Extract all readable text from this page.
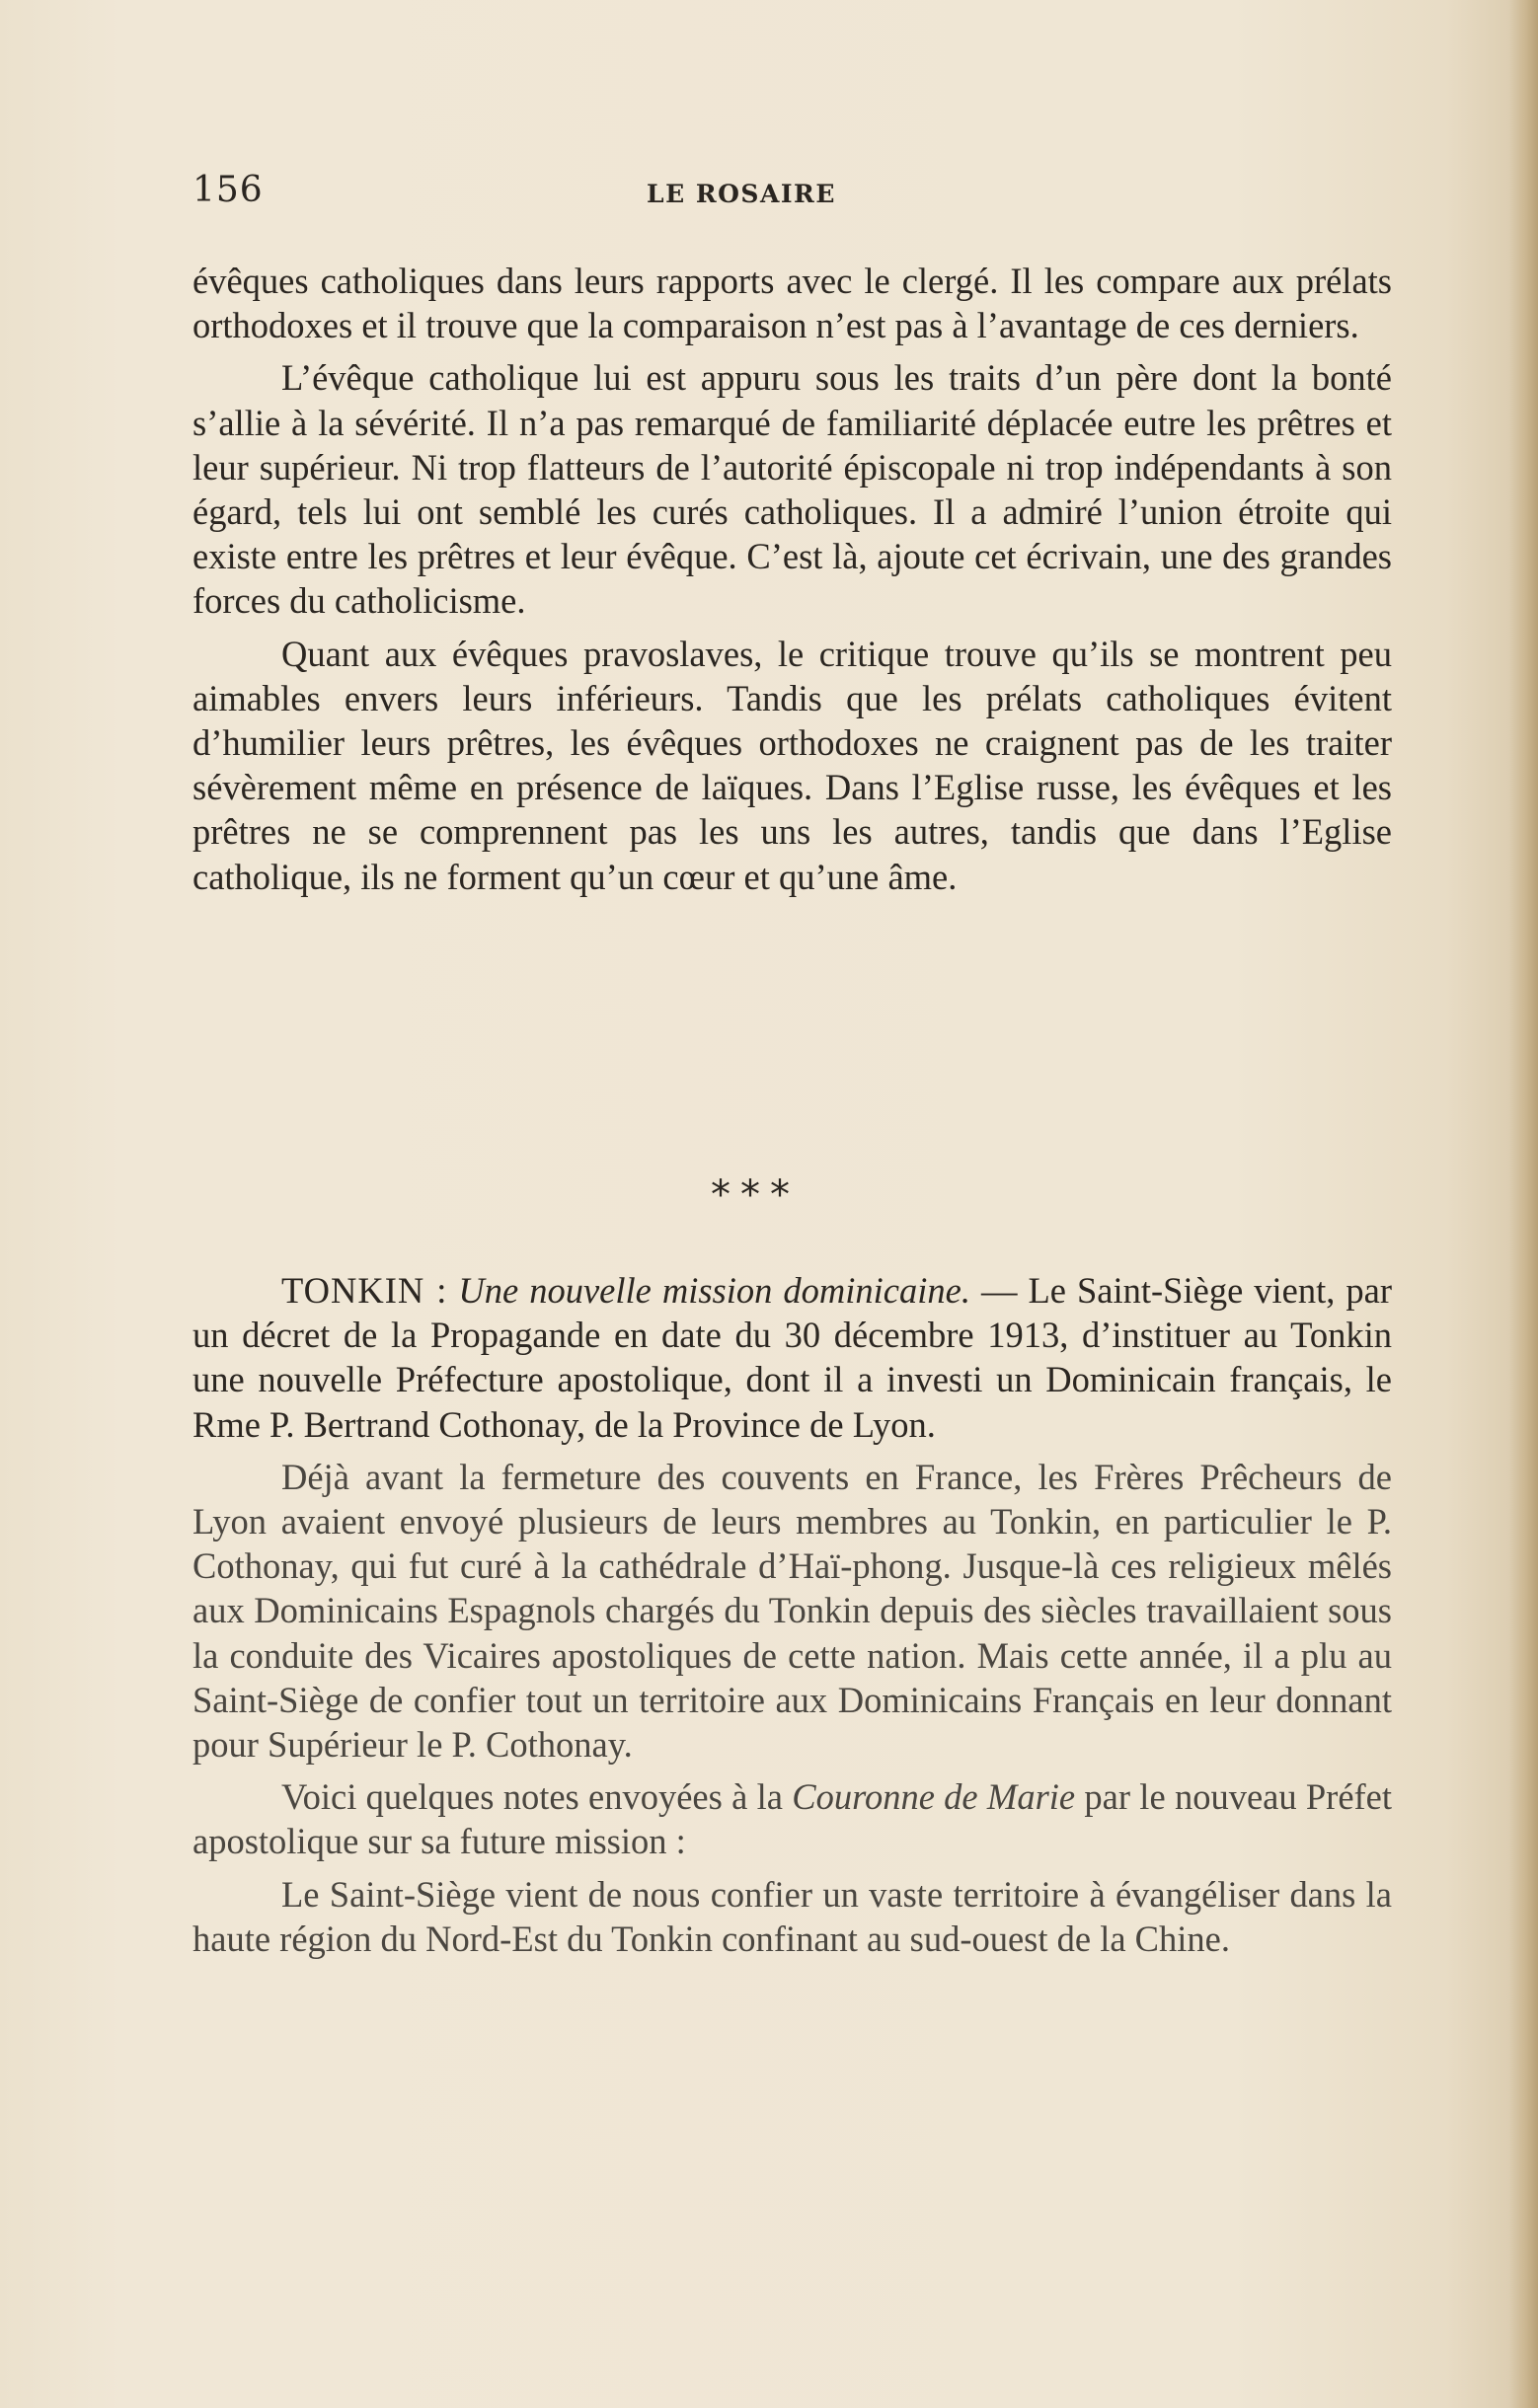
156	LE ROSAIRE

évêques catholiques dans leurs rapports avec le clergé. Il les compare aux prélats orthodoxes et il trouve que la comparaison n’est pas à l’avantage de ces derniers.

L’évêque catholique lui est appuru sous les traits d’un père dont la bonté s’allie à la sévérité. Il n’a pas remarqué de familiarité déplacée eutre les prêtres et leur supérieur. Ni trop flatteurs de l’autorité épiscopale ni trop indépendants à son égard, tels lui ont semblé les curés catholiques. Il a admiré l’union étroite qui existe entre les prêtres et leur évêque. C’est là, ajoute cet écrivain, une des grandes forces du catholicisme.

Quant aux évêques pravoslaves, le critique trouve qu’ils se montrent peu aimables envers leurs inférieurs. Tandis que les prélats catholiques évitent d’humilier leurs prêtres, les évêques orthodoxes ne craignent pas de les traiter sévèrement même en présence de laïques. Dans l’Eglise russe, les évêques et les prêtres ne se comprennent pas les uns les autres, tandis que dans l’Eglise catholique, ils ne forment qu’un cœur et qu’une âme.

***

TONKIN : Une nouvelle mission dominicaine. — Le Saint-Siège vient, par un décret de la Propagande en date du 30 décembre 1913, d’instituer au Tonkin une nouvelle Préfecture apostolique, dont il a investi un Dominicain français, le Rme P. Bertrand Cothonay, de la Province de Lyon.

Déjà avant la fermeture des couvents en France, les Frères Prêcheurs de Lyon avaient envoyé plusieurs de leurs membres au Tonkin, en particulier le P. Cothonay, qui fut curé à la cathédrale d’Haï-phong. Jusque-là ces religieux mêlés aux Dominicains Espagnols chargés du Tonkin depuis des siècles travaillaient sous la conduite des Vicaires apostoliques de cette nation. Mais cette année, il a plu au Saint-Siège de confier tout un territoire aux Dominicains Français en leur donnant pour Supérieur le P. Cothonay.

Voici quelques notes envoyées à la Couronne de Marie par le nouveau Préfet apostolique sur sa future mission :

Le Saint-Siège vient de nous confier un vaste territoire à évangéliser dans la haute région du Nord-Est du Tonkin confinant au sud-ouest de la Chine.
